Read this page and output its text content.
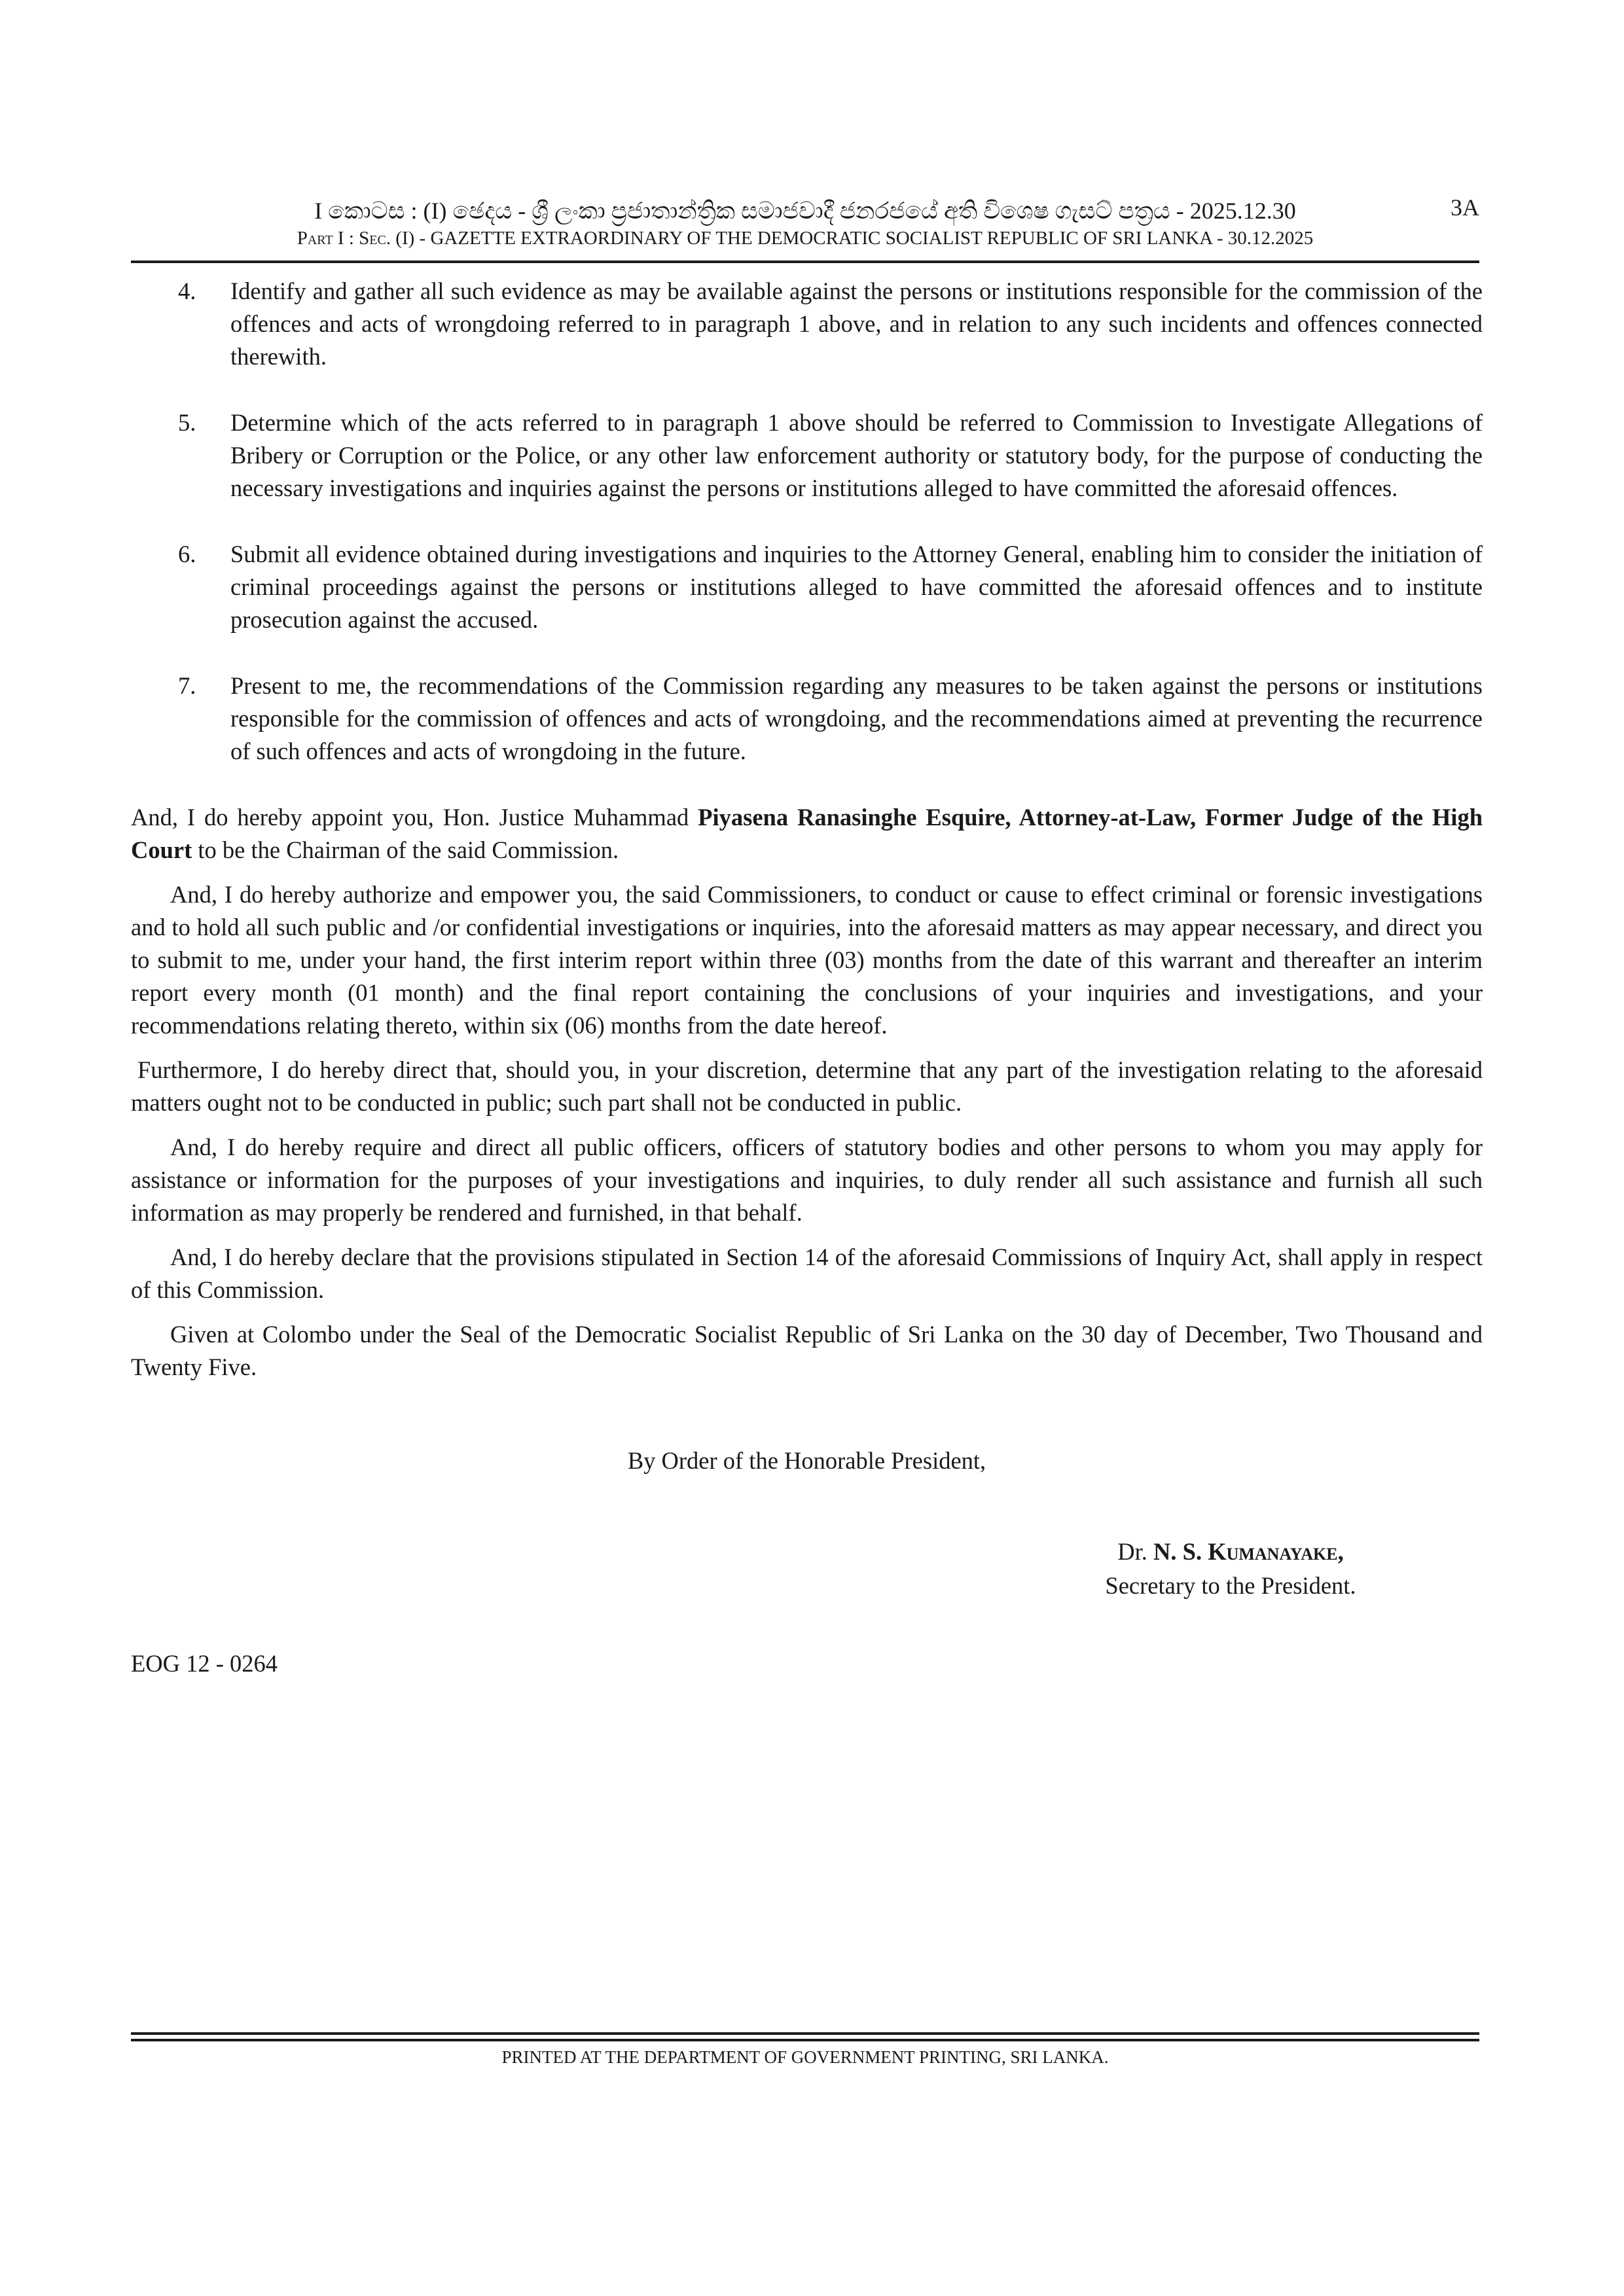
I කොටස : (I) ඡෙදය - ශ්‍රී ලංකා ප්‍රජාතාන්ත්‍රික සමාජවාදී ජනරජයේ අති විශෙෂ ගැසට් පත්‍රය - 2025.12.30
Part I : Sec. (I) - GAZETTE EXTRAORDINARY OF THE DEMOCRATIC SOCIALIST REPUBLIC OF SRI LANKA - 30.12.2025
3A
4.	Identify and gather all such evidence as may be available against the persons or institutions responsible for the commission of the offences and acts of wrongdoing referred to in paragraph 1 above, and in relation to any such incidents and offences connected therewith.
5.	Determine which of the acts referred to in paragraph 1 above should be referred to Commission to Investigate Allegations of Bribery or Corruption or the Police, or any other law enforcement authority or statutory body, for the purpose of conducting the necessary investigations and inquiries against the persons or institutions alleged to have committed the aforesaid offences.
6.	Submit all evidence obtained during investigations and inquiries to the Attorney General, enabling him to consider the initiation of criminal proceedings against the persons or institutions alleged to have committed the aforesaid offences and to institute prosecution against the accused.
7.	Present to me, the recommendations of the Commission regarding any measures to be taken against the persons or institutions responsible for the commission of offences and acts of wrongdoing, and the recommendations aimed at preventing the recurrence of such offences and acts of wrongdoing in the future.

And, I do hereby appoint you, Hon. Justice Muhammad Piyasena Ranasinghe Esquire, Attorney-at-Law, Former Judge of the High Court to be the Chairman of the said Commission.

And, I do hereby authorize and empower you, the said Commissioners, to conduct or cause to effect criminal or forensic investigations and to hold all such public and /or confidential investigations or inquiries, into the aforesaid matters as may appear necessary, and direct you to submit to me, under your hand, the first interim report within three (03) months from the date of this warrant and thereafter an interim report every month (01 month) and the final report containing the conclusions of your inquiries and investigations, and your recommendations relating thereto, within six (06) months from the date hereof.

Furthermore, I do hereby direct that, should you, in your discretion, determine that any part of the investigation relating to the aforesaid matters ought not to be conducted in public; such part shall not be conducted in public.

And, I do hereby require and direct all public officers, officers of statutory bodies and other persons to whom you may apply for assistance or information for the purposes of your investigations and inquiries, to duly render all such assistance and furnish all such information as may properly be rendered and furnished, in that behalf.

And, I do hereby declare that the provisions stipulated in Section 14 of the aforesaid Commissions of Inquiry Act, shall apply in respect of this Commission.

Given at Colombo under the Seal of the Democratic Socialist Republic of Sri Lanka on the 30 day of December, Two Thousand and Twenty Five.

By Order of the Honorable President,
Dr. N. S. Kumanayake,
Secretary to the President.
EOG 12 - 0264
PRINTED AT THE DEPARTMENT OF GOVERNMENT PRINTING, SRI LANKA.
